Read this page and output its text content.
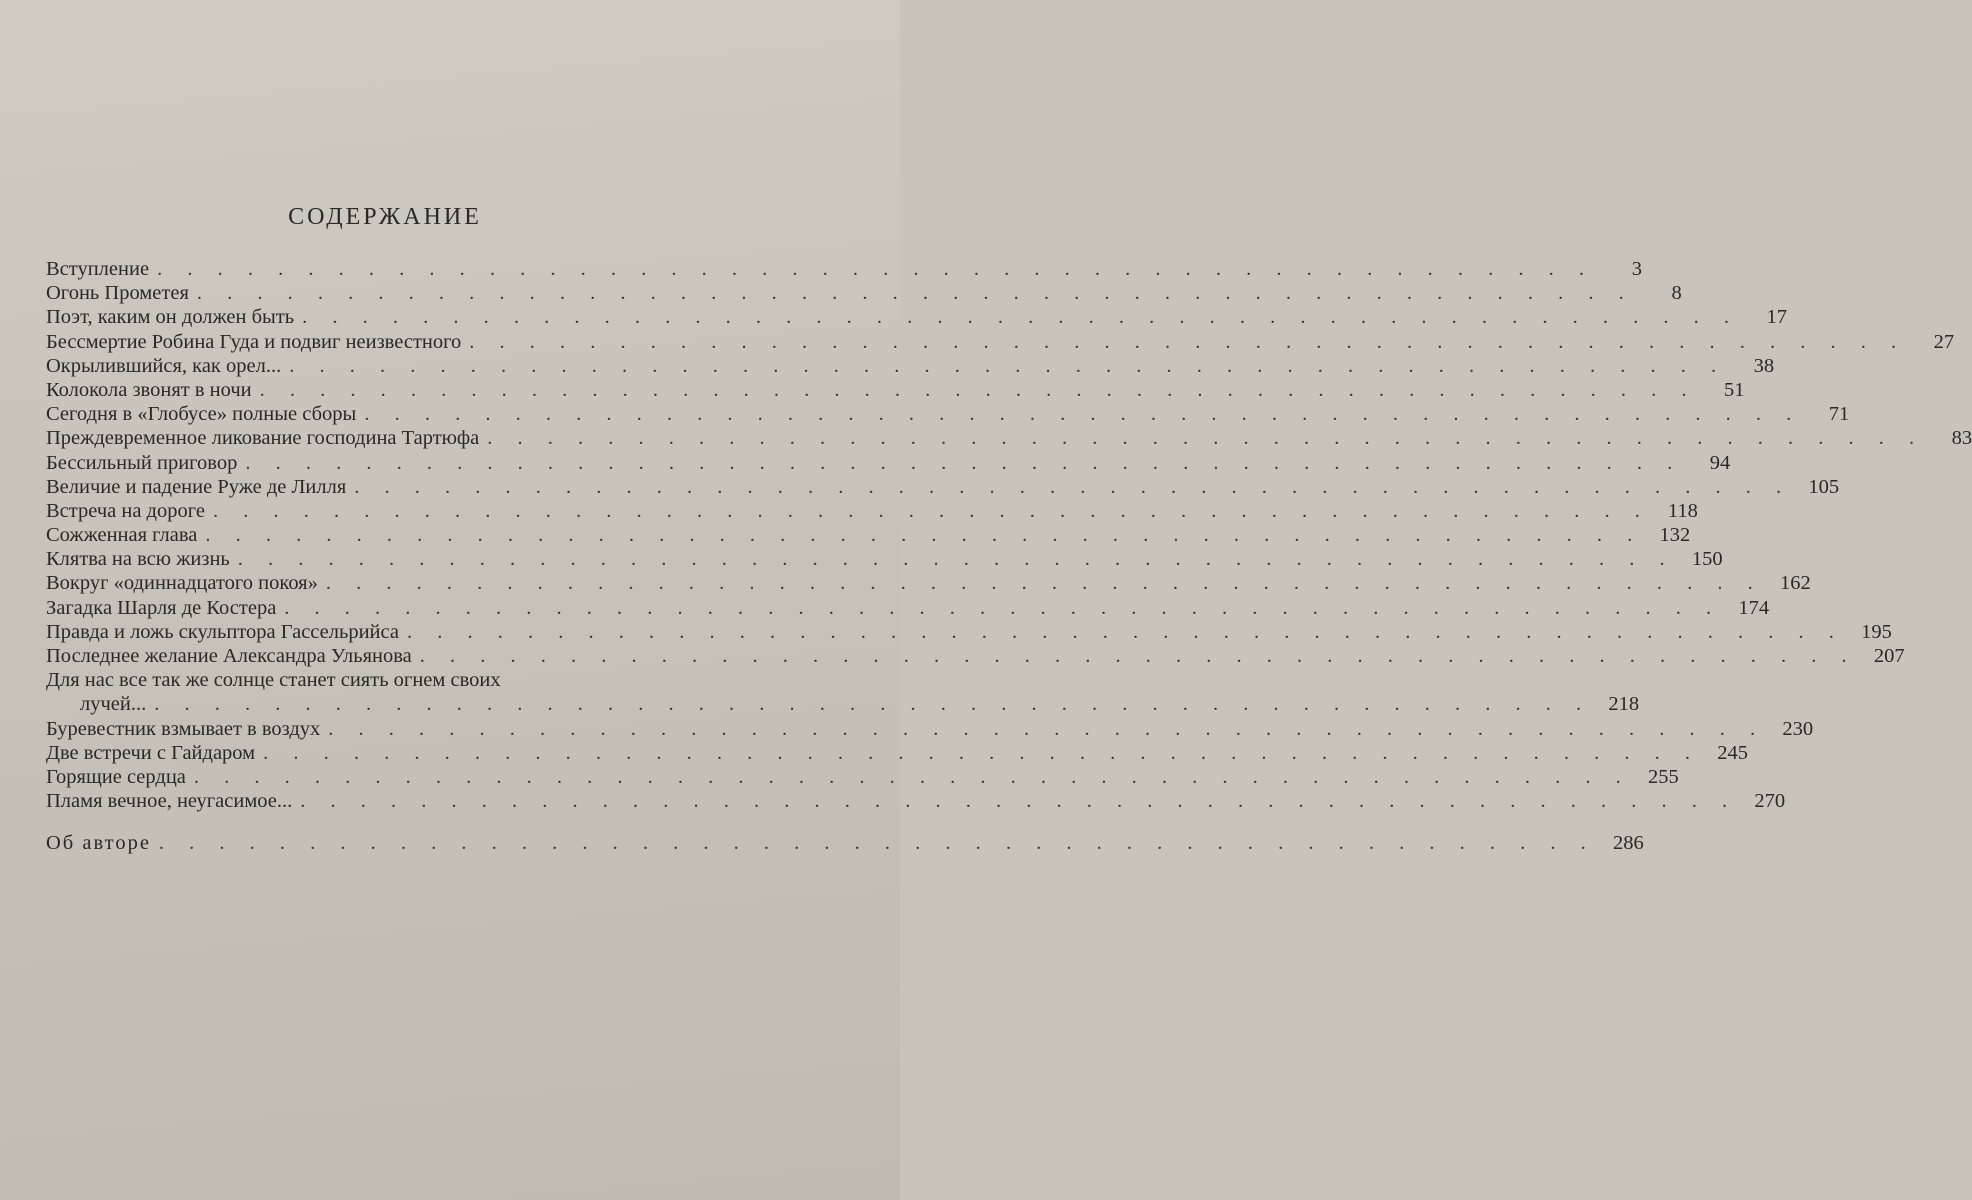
СОДЕРЖАНИЕ
Вступление . . . . . . . . . . . . . . . . . . . . . . . . . . . . . . . . . . . . . . . . . . . . . . . .	3
Огонь Прометея . . . . . . . . . . . . . . . . . . . . . . . . . . . . . . . . . . . . . . . . . . . . . . . .	8
Поэт, каким он должен быть . . . . . . . . . . . . . . . . . . . . . . . . . . . . . . . . . . . . . . . . . . . . . . . .	17
Бессмертие Робина Гуда и подвиг неизвестного . . . . . . . . . . . . . . . . . . . . . . . . . . . . . . . . . . . . . . . . . . . . . . . .	27
Окрылившийся, как орел... . . . . . . . . . . . . . . . . . . . . . . . . . . . . . . . . . . . . . . . . . . . . . . . .	38
Колокола звонят в ночи . . . . . . . . . . . . . . . . . . . . . . . . . . . . . . . . . . . . . . . . . . . . . . . .	51
Сегодня в «Глобусе» полные сборы . . . . . . . . . . . . . . . . . . . . . . . . . . . . . . . . . . . . . . . . . . . . . . . .	71
Преждевременное ликование господина Тартюфа . . . . . . . . . . . . . . . . . . . . . . . . . . . . . . . . . . . . . . . . . . . . . . . .	83
Бессильный приговор . . . . . . . . . . . . . . . . . . . . . . . . . . . . . . . . . . . . . . . . . . . . . . . .	94
Величие и падение Руже де Лилля . . . . . . . . . . . . . . . . . . . . . . . . . . . . . . . . . . . . . . . . . . . . . . . . 105
Встреча на дороге . . . . . . . . . . . . . . . . . . . . . . . . . . . . . . . . . . . . . . . . . . . . . . . . 118
Сожженная глава . . . . . . . . . . . . . . . . . . . . . . . . . . . . . . . . . . . . . . . . . . . . . . . . 132
Клятва на всю жизнь . . . . . . . . . . . . . . . . . . . . . . . . . . . . . . . . . . . . . . . . . . . . . . . . 150
Вокруг «одиннадцатого покоя» . . . . . . . . . . . . . . . . . . . . . . . . . . . . . . . . . . . . . . . . . . . . . . . . 162
Загадка Шарля де Костера . . . . . . . . . . . . . . . . . . . . . . . . . . . . . . . . . . . . . . . . . . . . . . . . 174
Правда и ложь скульптора Гассельрийса . . . . . . . . . . . . . . . . . . . . . . . . . . . . . . . . . . . . . . . . . . . . . . . . 195
Последнее желание Александра Ульянова . . . . . . . . . . . . . . . . . . . . . . . . . . . . . . . . . . . . . . . . . . . . . . . . 207
Для нас все так же солнце станет сиять огнем своих
лучей... . . . . . . . . . . . . . . . . . . . . . . . . . . . . . . . . . . . . . . . . . . . . . . . . 218
Буревестник взмывает в воздух . . . . . . . . . . . . . . . . . . . . . . . . . . . . . . . . . . . . . . . . . . . . . . . . 230
Две встречи с Гайдаром . . . . . . . . . . . . . . . . . . . . . . . . . . . . . . . . . . . . . . . . . . . . . . . . 245
Горящие сердца . . . . . . . . . . . . . . . . . . . . . . . . . . . . . . . . . . . . . . . . . . . . . . . . 255
Пламя вечное, неугасимое... . . . . . . . . . . . . . . . . . . . . . . . . . . . . . . . . . . . . . . . . . . . . . . . . 270
Об авторе . . . . . . . . . . . . . . . . . . . . . . . . . . . . . . . . . . . . . . . . . . . . . . . . 286
